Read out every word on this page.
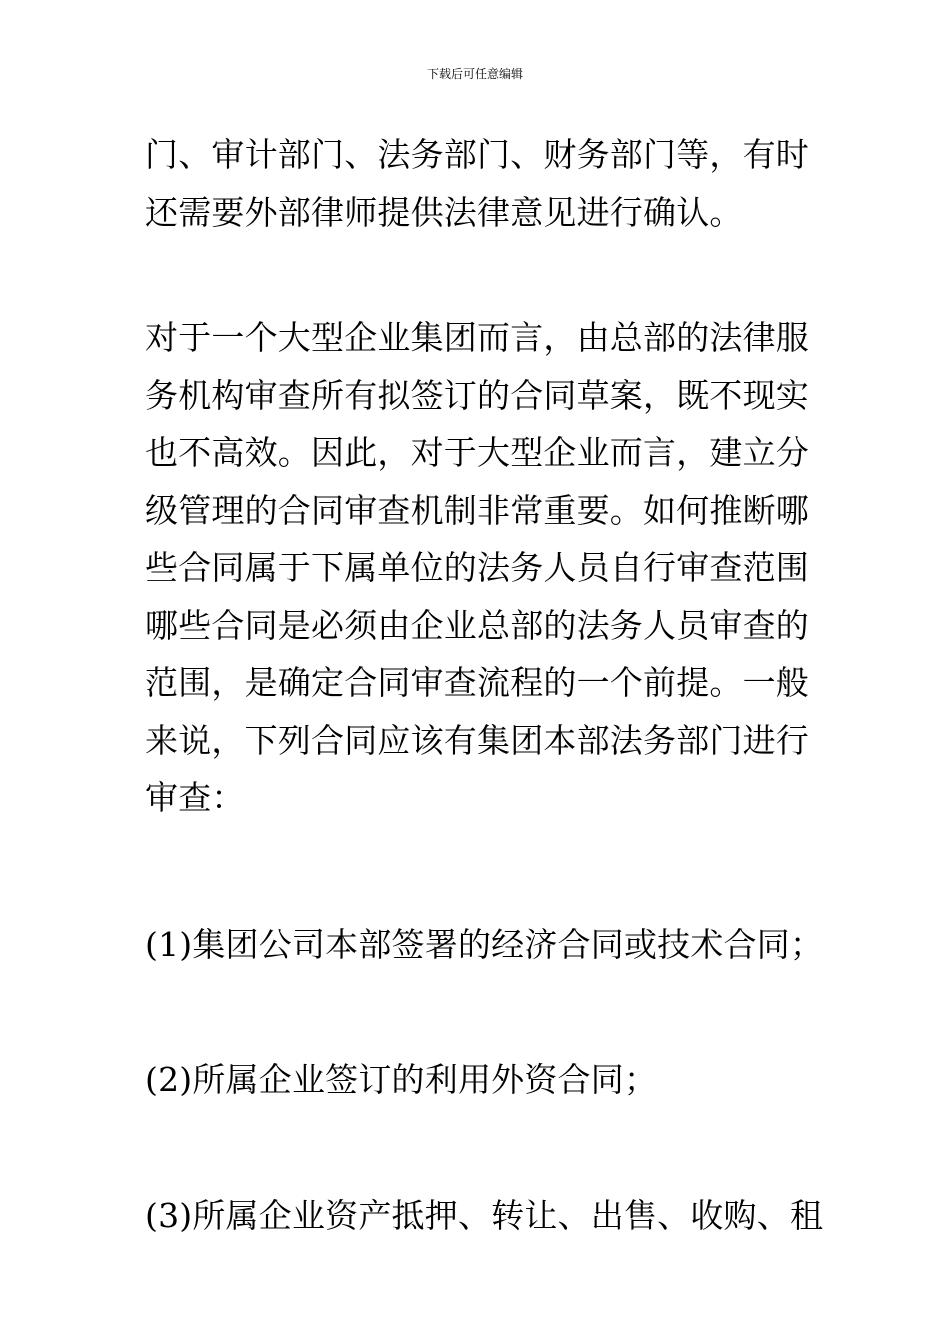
下载后可任意编辑
门、审计部门、法务部门、财务部门等，有时
还需要外部律师提供法律意见进行确认。
对于一个大型企业集团而言，由总部的法律服
务机构审查所有拟签订的合同草案，既不现实
也不高效。因此，对于大型企业而言，建立分
级管理的合同审查机制非常重要。如何推断哪
些合同属于下属单位的法务人员自行审查范围
哪些合同是必须由企业总部的法务人员审查的
范围，是确定合同审查流程的一个前提。一般
来说，下列合同应该有集团本部法务部门进行
审查：
(1)集团公司本部签署的经济合同或技术合同；
(2)所属企业签订的利用外资合同；
(3)所属企业资产抵押、转让、出售、收购、租
